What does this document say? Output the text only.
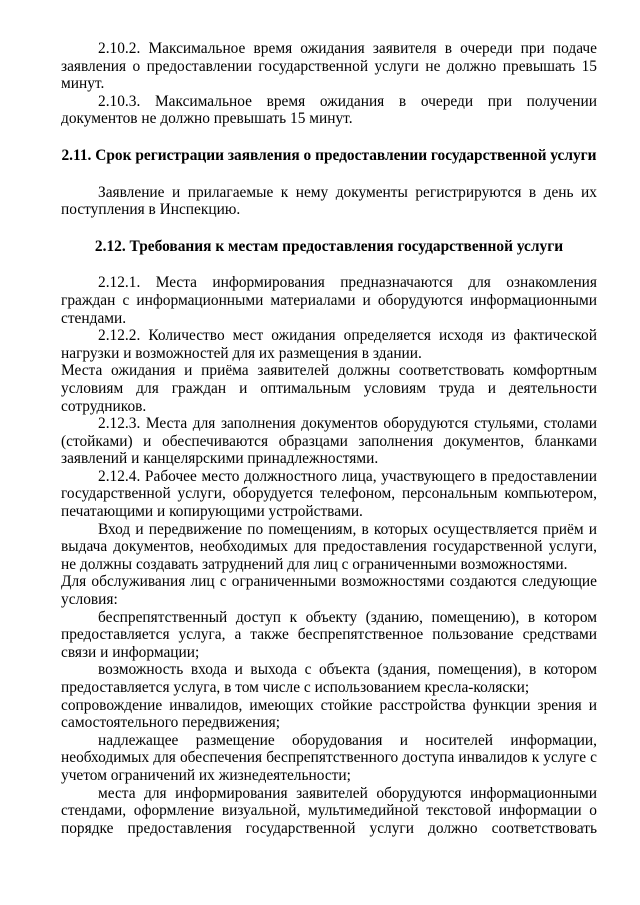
2.10.2. Максимальное время ожидания заявителя в очереди при подаче заявления о предоставлении государственной услуги не должно превышать 15 минут.

2.10.3. Максимальное время ожидания в очереди при получении документов не должно превышать 15 минут.

2.11. Срок регистрации заявления о предоставлении государственной услуги

Заявление и прилагаемые к нему документы регистрируются в день их поступления в Инспекцию.

2.12. Требования к местам предоставления государственной услуги

2.12.1. Места информирования предназначаются для ознакомления граждан с информационными материалами и оборудуются информационными стендами.

2.12.2. Количество мест ожидания определяется исходя из фактической нагрузки и возможностей для их размещения в здании.

Места ожидания и приёма заявителей должны соответствовать комфортным условиям для граждан и оптимальным условиям труда и деятельности сотрудников.

2.12.3. Места для заполнения документов оборудуются стульями, столами (стойками) и обеспечиваются образцами заполнения документов, бланками заявлений и канцелярскими принадлежностями.

2.12.4. Рабочее место должностного лица, участвующего в предоставлении государственной услуги, оборудуется телефоном, персональным компьютером, печатающими и копирующими устройствами.

Вход и передвижение по помещениям, в которых осуществляется приём и выдача документов, необходимых для предоставления государственной услуги, не должны создавать затруднений для лиц с ограниченными возможностями.

Для обслуживания лиц с ограниченными возможностями создаются следующие условия:

беспрепятственный доступ к объекту (зданию, помещению), в котором предоставляется услуга, а также беспрепятственное пользование средствами связи и информации;

возможность входа и выхода с объекта (здания, помещения), в котором предоставляется услуга, в том числе с использованием кресла-коляски;

сопровождение инвалидов, имеющих стойкие расстройства функции зрения и самостоятельного передвижения;

надлежащее размещение оборудования и носителей информации, необходимых для обеспечения беспрепятственного доступа инвалидов к услуге с учетом ограничений их жизнедеятельности;

места для информирования заявителей оборудуются информационными стендами, оформление визуальной, мультимедийной текстовой информации о порядке предоставления государственной услуги должно соответствовать
